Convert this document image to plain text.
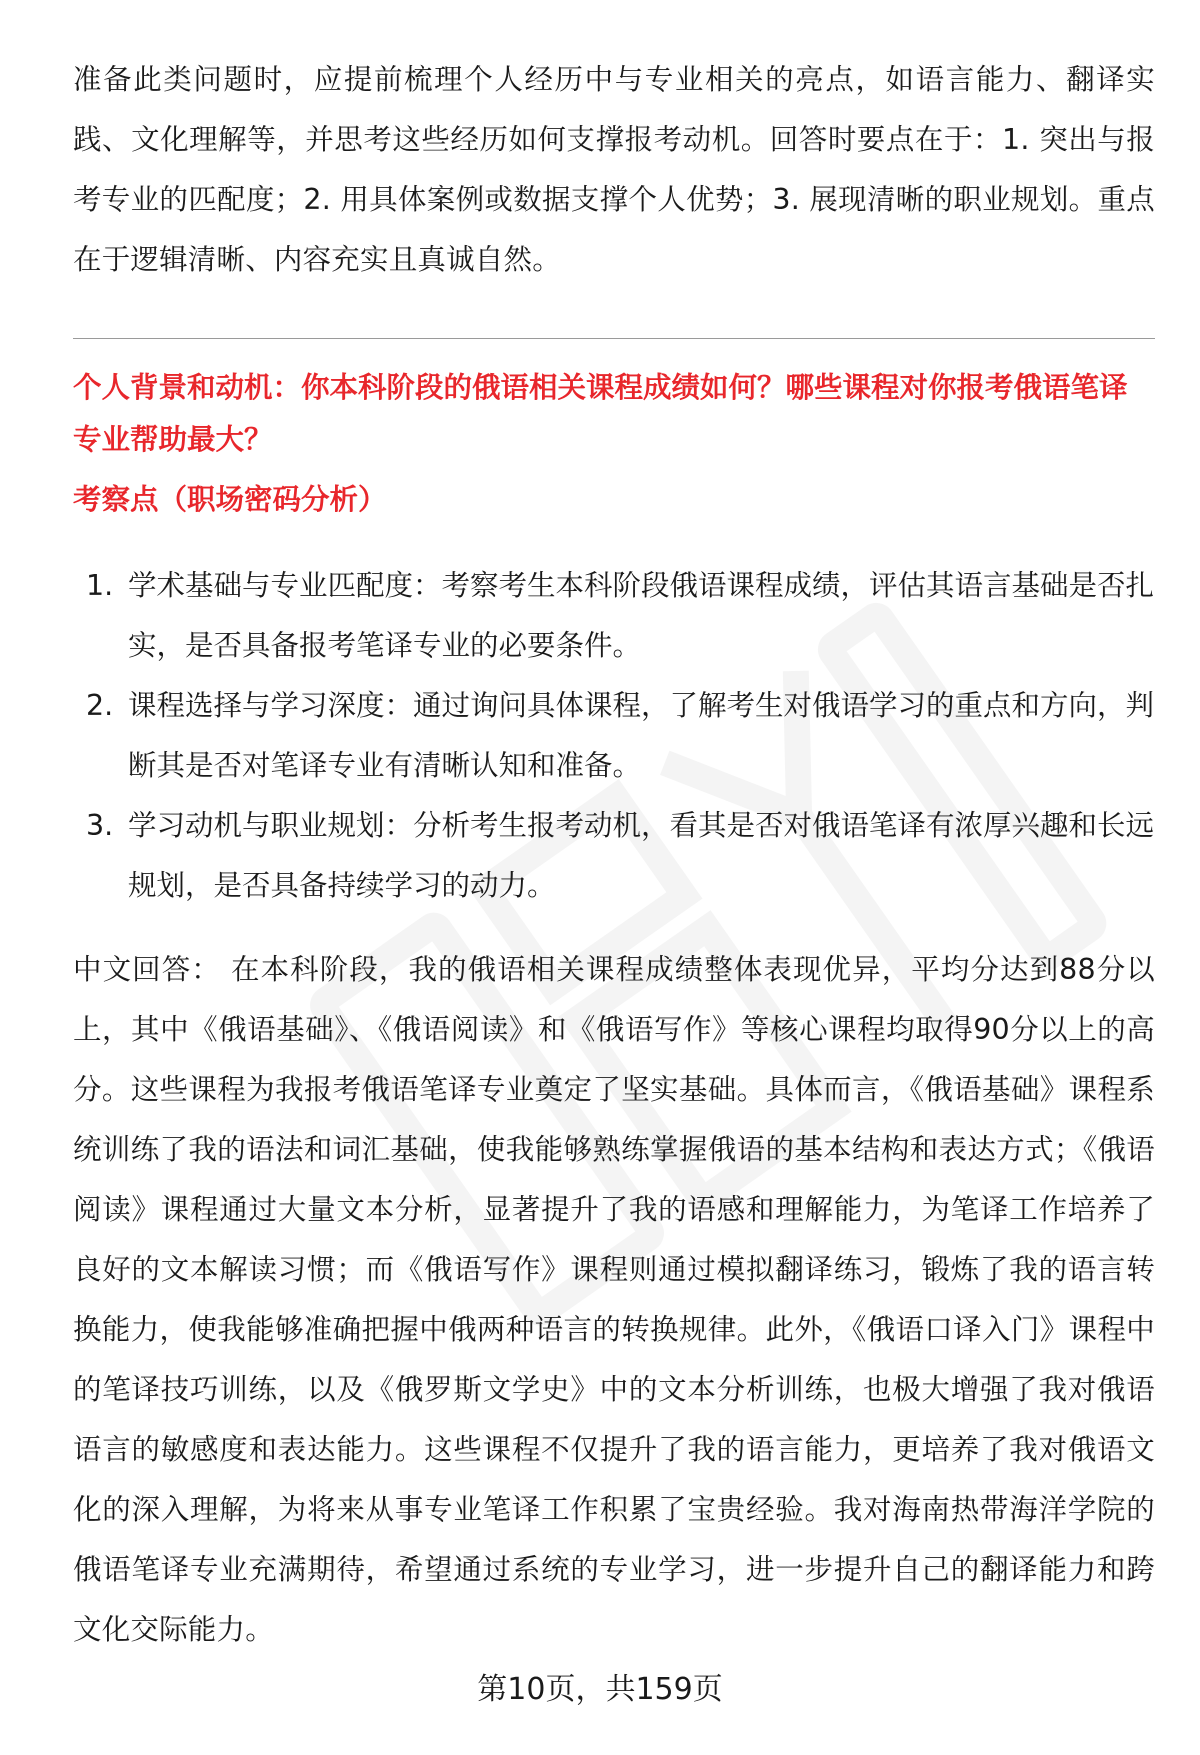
准备此类问题时，应提前梳理个人经历中与专业相关的亮点，如语言能力、翻译实践、文化理解等，并思考这些经历如何支撑报考动机。回答时要点在于：1. 突出与报考专业的匹配度；2. 用具体案例或数据支撑个人优势；3. 展现清晰的职业规划。重点在于逻辑清晰、内容充实且真诚自然。

个人背景和动机：你本科阶段的俄语相关课程成绩如何？哪些课程对你报考俄语笔译专业帮助最大？

考察点（职场密码分析）

1. 学术基础与专业匹配度：考察考生本科阶段俄语课程成绩，评估其语言基础是否扎实，是否具备报考笔译专业的必要条件。
2. 课程选择与学习深度：通过询问具体课程，了解考生对俄语学习的重点和方向，判断其是否对笔译专业有清晰认知和准备。
3. 学习动机与职业规划：分析考生报考动机，看其是否对俄语笔译有浓厚兴趣和长远规划，是否具备持续学习的动力。

中文回答： 在本科阶段，我的俄语相关课程成绩整体表现优异，平均分达到88分以上，其中《俄语基础》、《俄语阅读》和《俄语写作》等核心课程均取得90分以上的高分。这些课程为我报考俄语笔译专业奠定了坚实基础。具体而言，《俄语基础》课程系统训练了我的语法和词汇基础，使我能够熟练掌握俄语的基本结构和表达方式；《俄语阅读》课程通过大量文本分析，显著提升了我的语感和理解能力，为笔译工作培养了良好的文本解读习惯；而《俄语写作》课程则通过模拟翻译练习，锻炼了我的语言转换能力，使我能够准确把握中俄两种语言的转换规律。此外，《俄语口译入门》课程中的笔译技巧训练，以及《俄罗斯文学史》中的文本分析训练，也极大增强了我对俄语语言的敏感度和表达能力。这些课程不仅提升了我的语言能力，更培养了我对俄语文化的深入理解，为将来从事专业笔译工作积累了宝贵经验。我对海南热带海洋学院的俄语笔译专业充满期待，希望通过系统的专业学习，进一步提升自己的翻译能力和跨文化交际能力。

第10页，共159页
